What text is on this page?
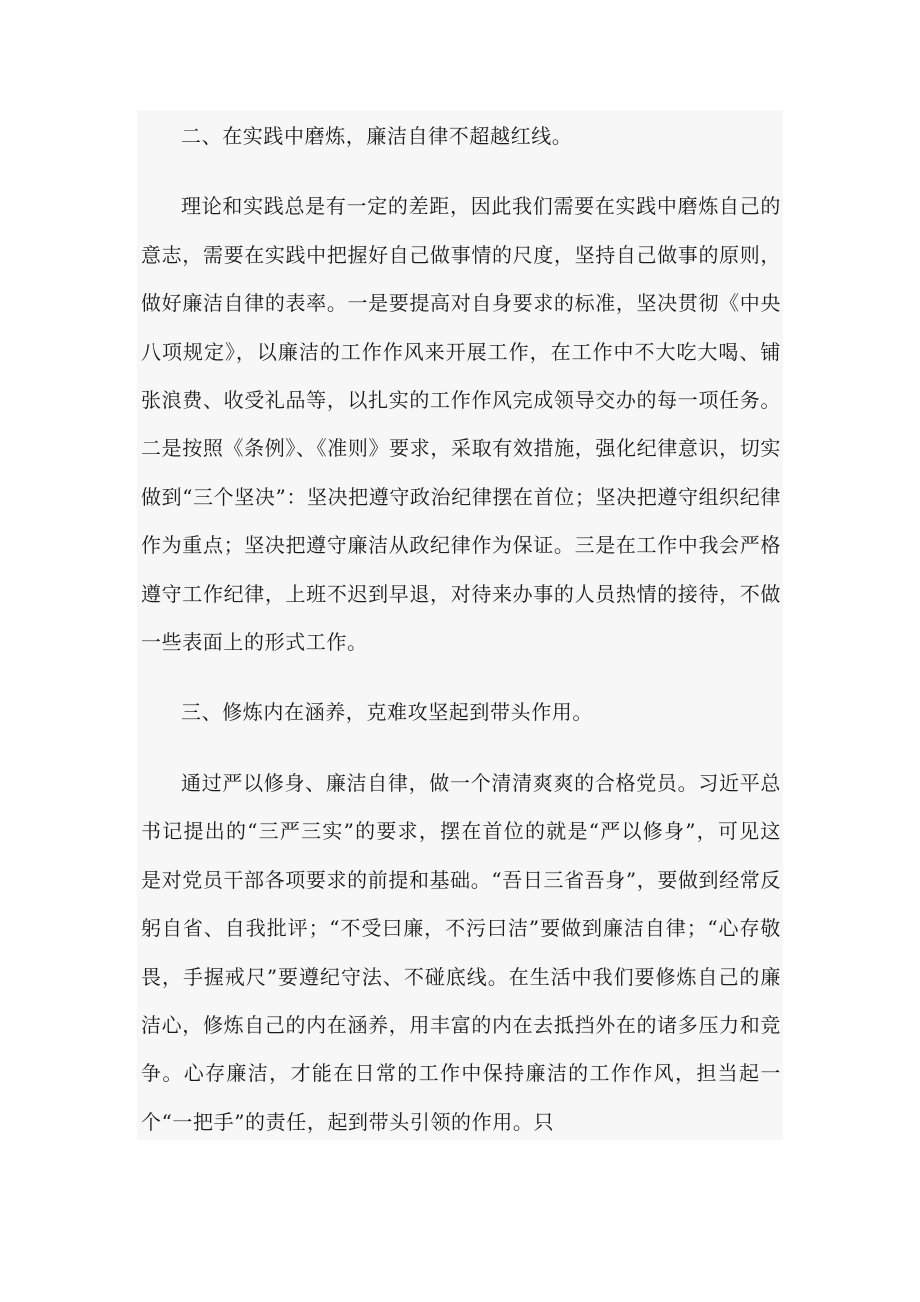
二、在实践中磨炼，廉洁自律不超越红线。

理论和实践总是有一定的差距，因此我们需要在实践中磨炼自己的意志，需要在实践中把握好自己做事情的尺度，坚持自己做事的原则，做好廉洁自律的表率。一是要提高对自身要求的标准，坚决贯彻《中央八项规定》，以廉洁的工作作风来开展工作，在工作中不大吃大喝、铺张浪费、收受礼品等，以扎实的工作作风完成领导交办的每一项任务。二是按照《条例》、《准则》要求，采取有效措施，强化纪律意识，切实做到“三个坚决”：坚决把遵守政治纪律摆在首位；坚决把遵守组织纪律作为重点；坚决把遵守廉洁从政纪律作为保证。三是在工作中我会严格遵守工作纪律，上班不迟到早退，对待来办事的人员热情的接待，不做一些表面上的形式工作。

三、修炼内在涵养，克难攻坚起到带头作用。

通过严以修身、廉洁自律，做一个清清爽爽的合格党员。习近平总书记提出的“三严三实”的要求，摆在首位的就是“严以修身”，可见这是对党员干部各项要求的前提和基础。“吾日三省吾身”，要做到经常反躬自省、自我批评；“不受曰廉，不污曰洁”要做到廉洁自律；“心存敬畏，手握戒尺”要遵纪守法、不碰底线。在生活中我们要修炼自己的廉洁心，修炼自己的内在涵养，用丰富的内在去抵挡外在的诸多压力和竞争。心存廉洁，才能在日常的工作中保持廉洁的工作作风，担当起一个“一把手”的责任，起到带头引领的作用。只
